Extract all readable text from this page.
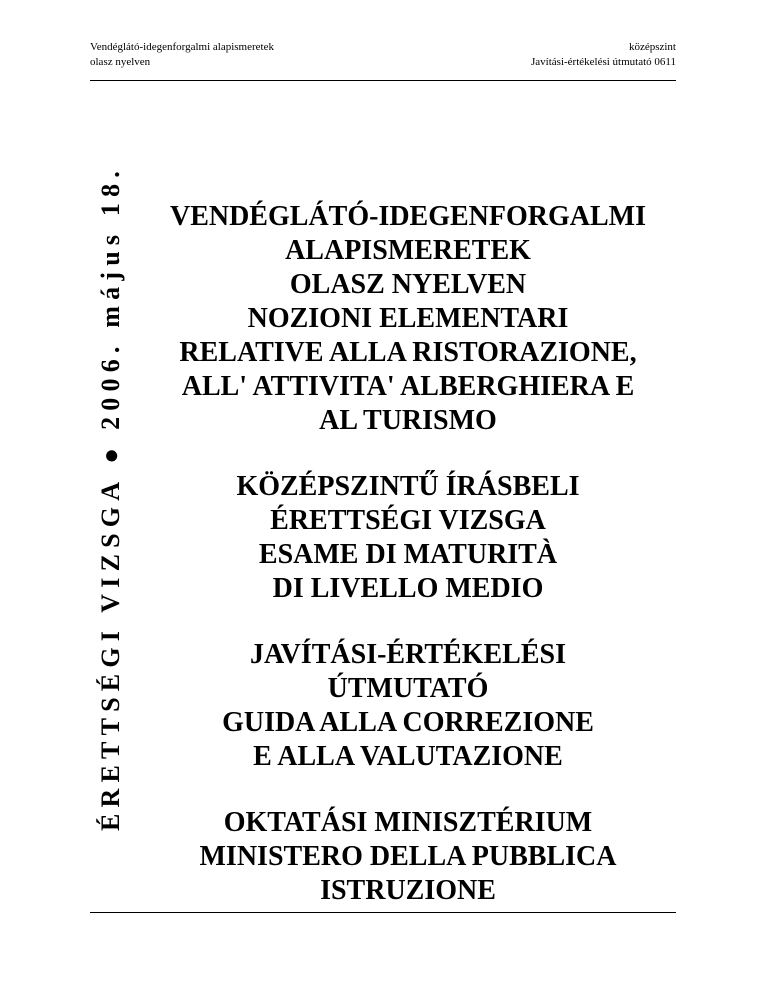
Vendéglátó-idegenforgalmi alapismeretek
olasz nyelven
középszint
Javítási-értékelési útmutató 0611
ÉRETTSÉGI VIZSGA
●
2006. május 18.	VENDÉGLÁTÓ-IDEGENFORGALMI
ALAPISMERETEK
OLASZ NYELVEN
NOZIONI ELEMENTARI
RELATIVE ALLA RISTORAZIONE,
ALL' ATTIVITA' ALBERGHIERA E
AL TURISMO
KÖZÉPSZINTŰ ÍRÁSBELI
ÉRETTSÉGI VIZSGA
ESAME DI MATURITÀ
DI LIVELLO MEDIO
JAVÍTÁSI-ÉRTÉKELÉSI
ÚTMUTATÓ
GUIDA ALLA CORREZIONE
E ALLA VALUTAZIONE
OKTATÁSI MINISZTÉRIUM
MINISTERO DELLA PUBBLICA
ISTRUZIONE
